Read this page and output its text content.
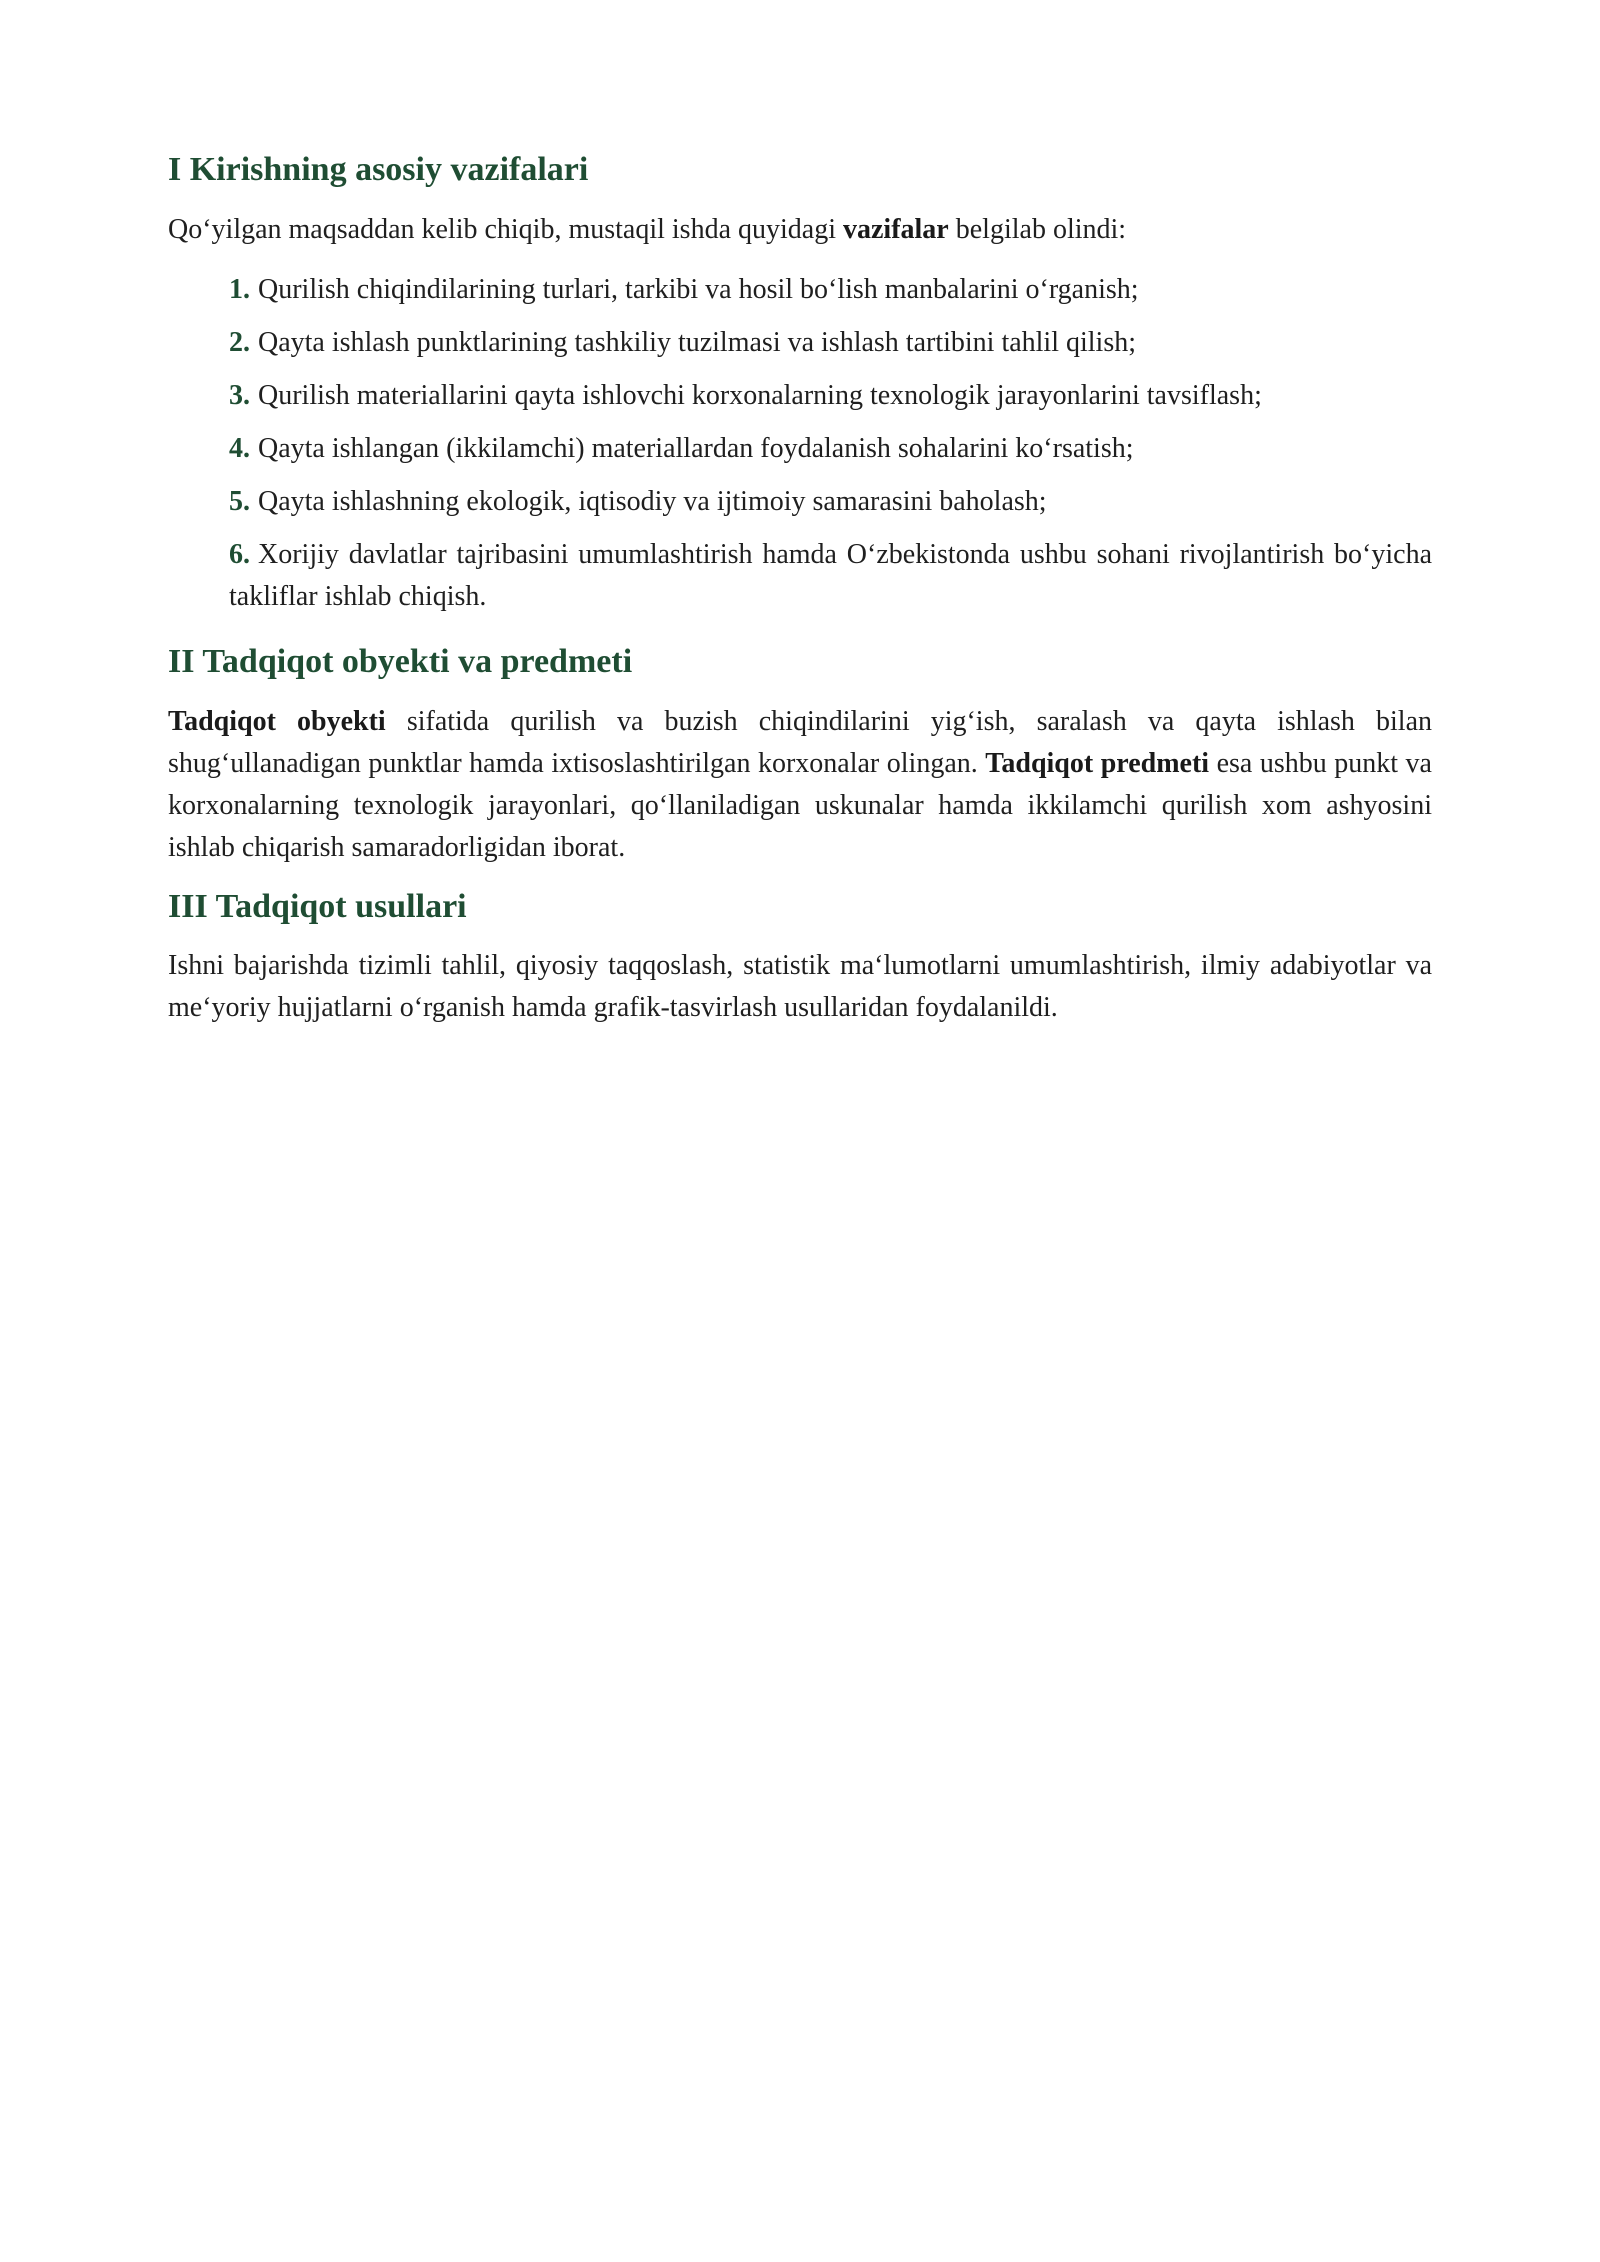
I Kirishning asosiy vazifalari

Qo‘yilgan maqsaddan kelib chiqib, mustaqil ishda quyidagi vazifalar belgilab olindi:

1. Qurilish chiqindilarining turlari, tarkibi va hosil bo‘lish manbalarini o‘rganish;
2. Qayta ishlash punktlarining tashkiliy tuzilmasi va ishlash tartibini tahlil qilish;
3. Qurilish materiallarini qayta ishlovchi korxonalarning texnologik jarayonlarini tavsiflash;
4. Qayta ishlangan (ikkilamchi) materiallardan foydalanish sohalarini ko‘rsatish;
5. Qayta ishlashning ekologik, iqtisodiy va ijtimoiy samarasini baholash;
6. Xorijiy davlatlar tajribasini umumlashtirish hamda O‘zbekistonda ushbu sohani rivojlantirish bo‘yicha takliflar ishlab chiqish.
II Tadqiqot obyekti va predmeti

Tadqiqot obyekti sifatida qurilish va buzish chiqindilarini yig‘ish, saralash va qayta ishlash bilan shug‘ullanadigan punktlar hamda ixtisoslashtirilgan korxonalar olingan. Tadqiqot predmeti esa ushbu punkt va korxonalarning texnologik jarayonlari, qo‘llaniladigan uskunalar hamda ikkilamchi qurilish xom ashyosini ishlab chiqarish samaradorligidan iborat.

III Tadqiqot usullari

Ishni bajarishda tizimli tahlil, qiyosiy taqqoslash, statistik ma‘lumotlarni umumlashtirish, ilmiy adabiyotlar va me‘yoriy hujjatlarni o‘rganish hamda grafik-tasvirlash usullaridan foydalanildi.
